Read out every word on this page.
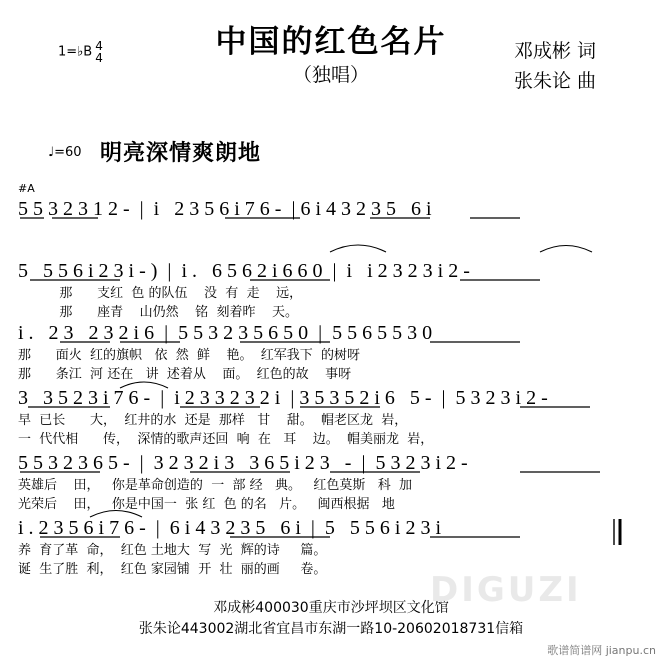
1=♭B 4
4	中国的红色名片
（独唱）
邓成彬 词
张朱论 曲
♩=60 明亮深情爽朗地
#A
5 5 3 2 3 1 2 -  |  i   2 3 5 6 i 7 6 -  | 6 i 4 3 2 3 5   6 i
5   5 5 6 i 2 3 i - )  |  i .   6 5 6 2 i 6 6 0  |  i   i 2 3 2 3 i 2 -
那      支红  色 的队伍    没  有  走    远，
那      座青    山仍然    铭  刻着昨    天。
i .   2 3   2 3 2 i 6  |  5 5 3 2 3 5 6 5 0  |  5 5 6 5 5 3 0
那      面火  红的旗帜   依  然  鲜    艳。  红军我下  的树呀
那      条江  河 还在   讲  述着从    面。  红色的故    事呀
3   3 5 2 3 i 7 6 -  |  i 2 3 3 2 3 2 i  | 3 5 3 5 2 i 6   5 -  |  5 3 2 3 i 2 -
早  已长      大，  红井的水  还是  那样   甘    甜。  帽老区龙  岩，
一  代代相      传，  深情的歌声还回  响  在   耳    边。  帽美丽龙  岩，
5 5 3 2 3 6 5 -  |  3 2 3 2 i 3   3 6 5 i 2 3   -  |  5 3 2 3 i 2 -
英雄后    田，   你是革命创造的  一  部 经   典。   红色莫斯   科  加
光荣后    田，   你是中国一  张 红  色 的名   片。   闽西根据   地
i . 2 3 5 6 i 7 6 -  |  6 i 4 3 2 3 5   6 i  |  5   5 5 6 i 2 3 i
养  育了革  命，  红色 土地大  写  光  辉的诗     篇。
诞  生了胜  利，  红色 家园铺  开  壮  丽的画     卷。
邓成彬400030重庆市沙坪坝区文化馆
张朱论443002湖北省宜昌市东湖一路10-20602018731信箱
DIGUZI
歌谱简谱网 jianpu.cn
